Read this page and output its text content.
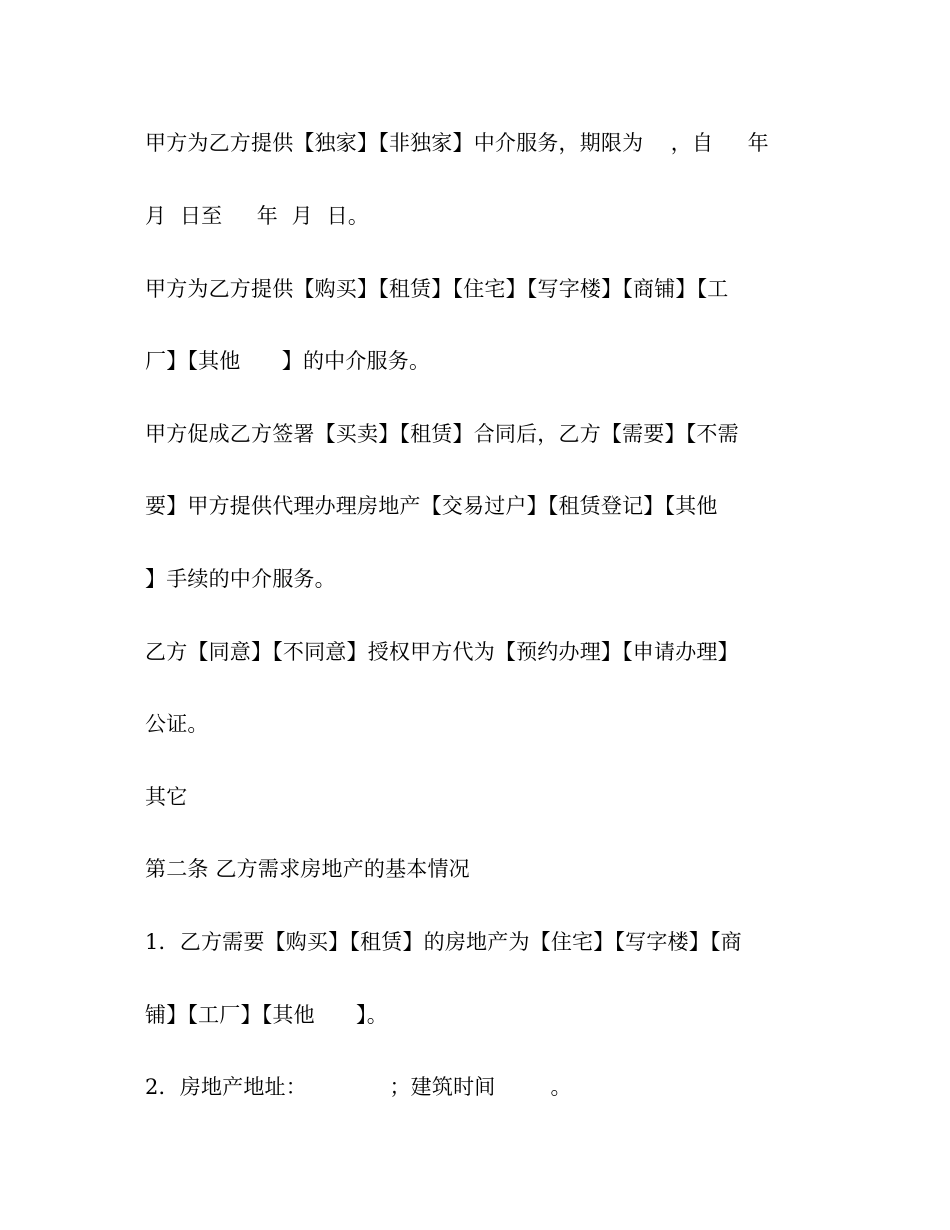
甲方为乙方提供【独家】【非独家】中介服务，期限为    ，自     年
月  日至     年  月  日。
甲方为乙方提供【购买】【租赁】【住宅】【写字楼】【商铺】【工
厂】【其他      】的中介服务。
甲方促成乙方签署【买卖】【租赁】合同后，乙方【需要】【不需
要】甲方提供代理办理房地产【交易过户】【租赁登记】【其他
】手续的中介服务。
乙方【同意】【不同意】授权甲方代为【预约办理】【申请办理】
公证。
其它
第二条 乙方需求房地产的基本情况
1．乙方需要【购买】【租赁】的房地产为【住宅】【写字楼】【商
铺】【工厂】【其他      】。
2．房地产地址：            ；建筑时间        。
